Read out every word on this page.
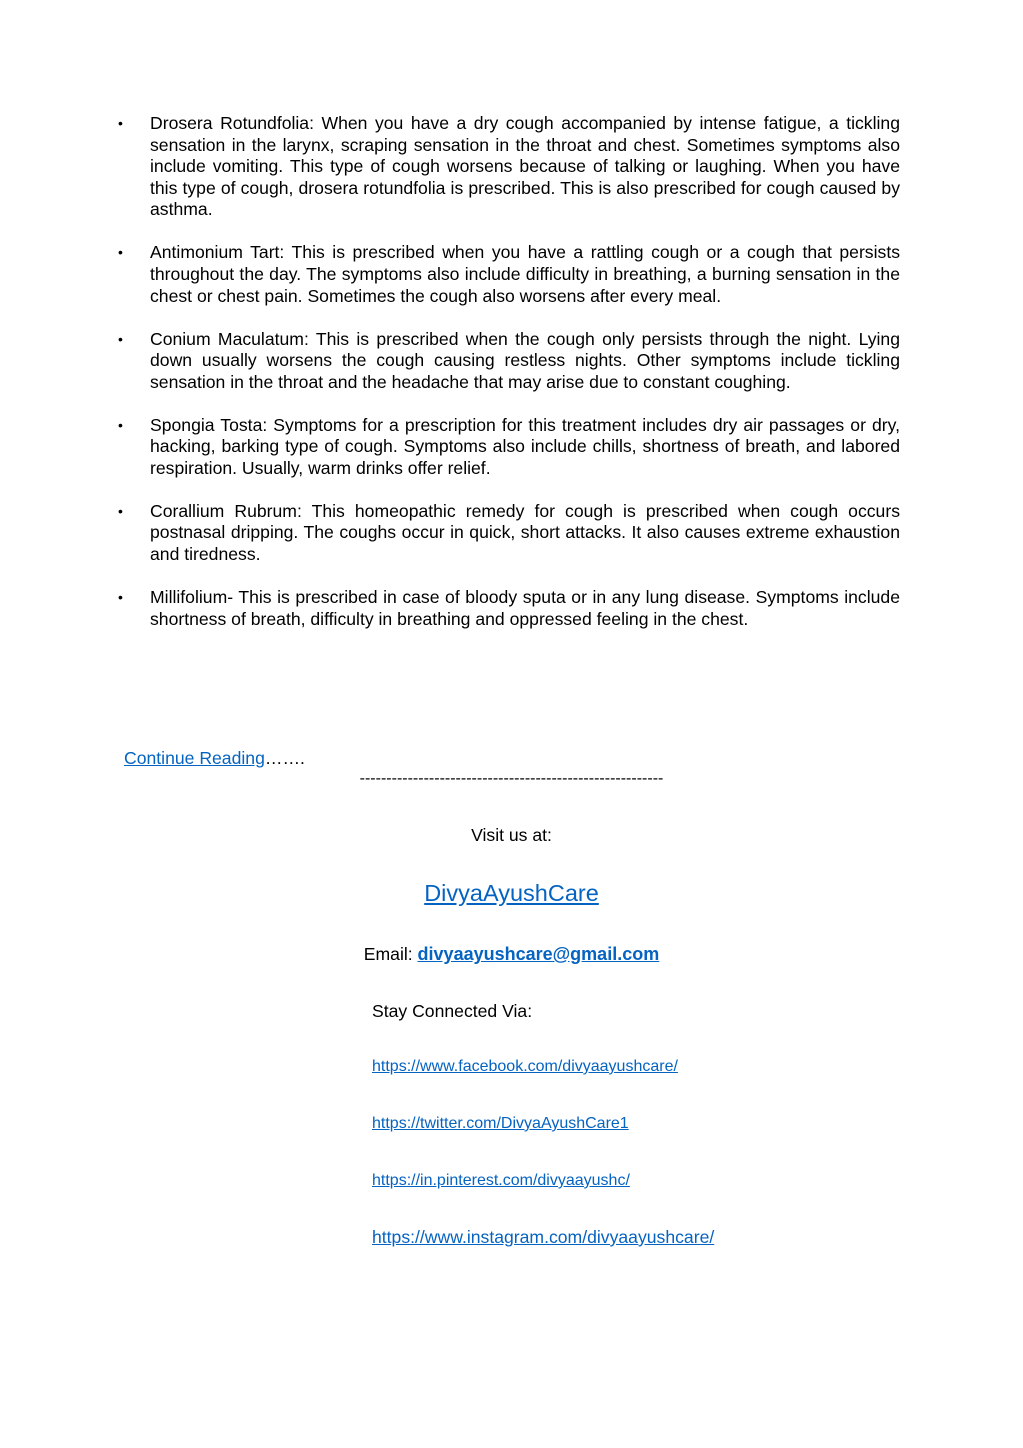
• Drosera Rotundfolia: When you have a dry cough accompanied by intense fatigue, a tickling sensation in the larynx, scraping sensation in the throat and chest. Sometimes symptoms also include vomiting. This type of cough worsens because of talking or laughing. When you have this type of cough, drosera rotundfolia is prescribed. This is also prescribed for cough caused by asthma.
• Antimonium Tart: This is prescribed when you have a rattling cough or a cough that persists throughout the day. The symptoms also include difficulty in breathing, a burning sensation in the chest or chest pain. Sometimes the cough also worsens after every meal.
• Conium Maculatum: This is prescribed when the cough only persists through the night. Lying down usually worsens the cough causing restless nights. Other symptoms include tickling sensation in the throat and the headache that may arise due to constant coughing.
• Spongia Tosta: Symptoms for a prescription for this treatment includes dry air passages or dry, hacking, barking type of cough. Symptoms also include chills, shortness of breath, and labored respiration. Usually, warm drinks offer relief.
• Corallium Rubrum: This homeopathic remedy for cough is prescribed when cough occurs postnasal dripping. The coughs occur in quick, short attacks. It also causes extreme exhaustion and tiredness.
• Millifolium- This is prescribed in case of bloody sputa or in any lung disease. Symptoms include shortness of breath, difficulty in breathing and oppressed feeling in the chest.
Continue Reading…….
---------------------------------------------------------
Visit us at:
DivyaAyushCare
Email: divyaayushcare@gmail.com
Stay Connected Via:
https://www.facebook.com/divyaayushcare/
https://twitter.com/DivyaAyushCare1
https://in.pinterest.com/divyaayushc/
https://www.instagram.com/divyaayushcare/
